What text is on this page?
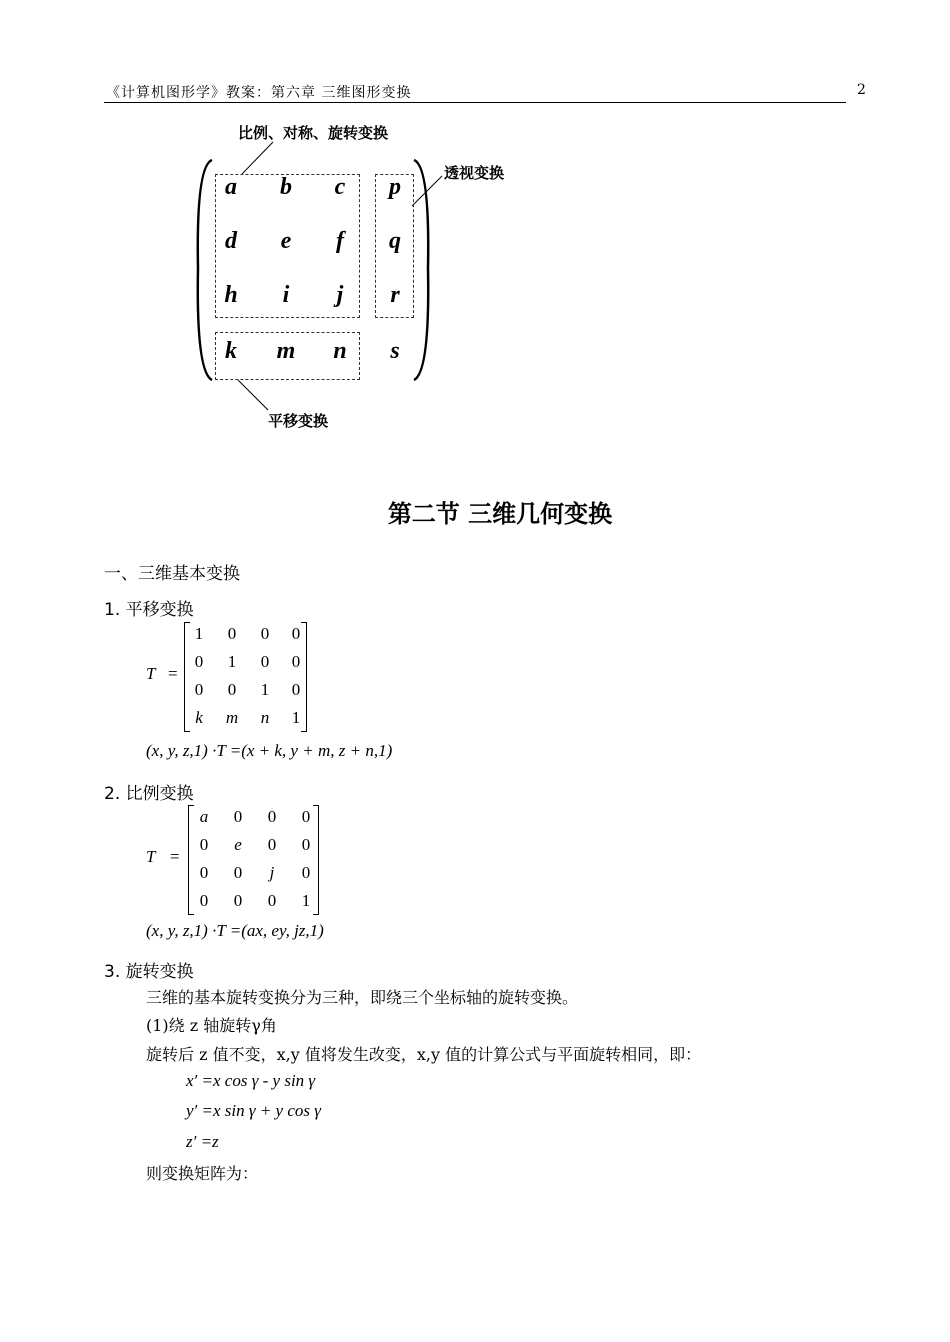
《计算机图形学》教案：第六章 三维图形变换	2
比例、对称、旋转变换
透视变换
平移变换
a	b	c	p
d	e	f	q
h	i	j	r
k	m	n	s
第二节 三维几何变换
一、三维基本变换
1. 平移变换
T =
1	0	0	0
0	1	0	0
0	0	1	0
k	m	n	1
(x, y, z,1) ·T =(x + k, y + m, z + n,1)
2. 比例变换
T =
a	0	0	0
0	e	0	0
0	0	j	0
0	0	0	1
(x, y, z,1) ·T =(ax, ey, jz,1)
3. 旋转变换
三维的基本旋转变换分为三种，即绕三个坐标轴的旋转变换。
(1)绕 z 轴旋转γ角
旋转后 z 值不变，x,y 值将发生改变，x,y 值的计算公式与平面旋转相同，即：
x′ =x cos γ - y sin γ
y′ =x sin γ + y cos γ
z′ =z
则变换矩阵为：
